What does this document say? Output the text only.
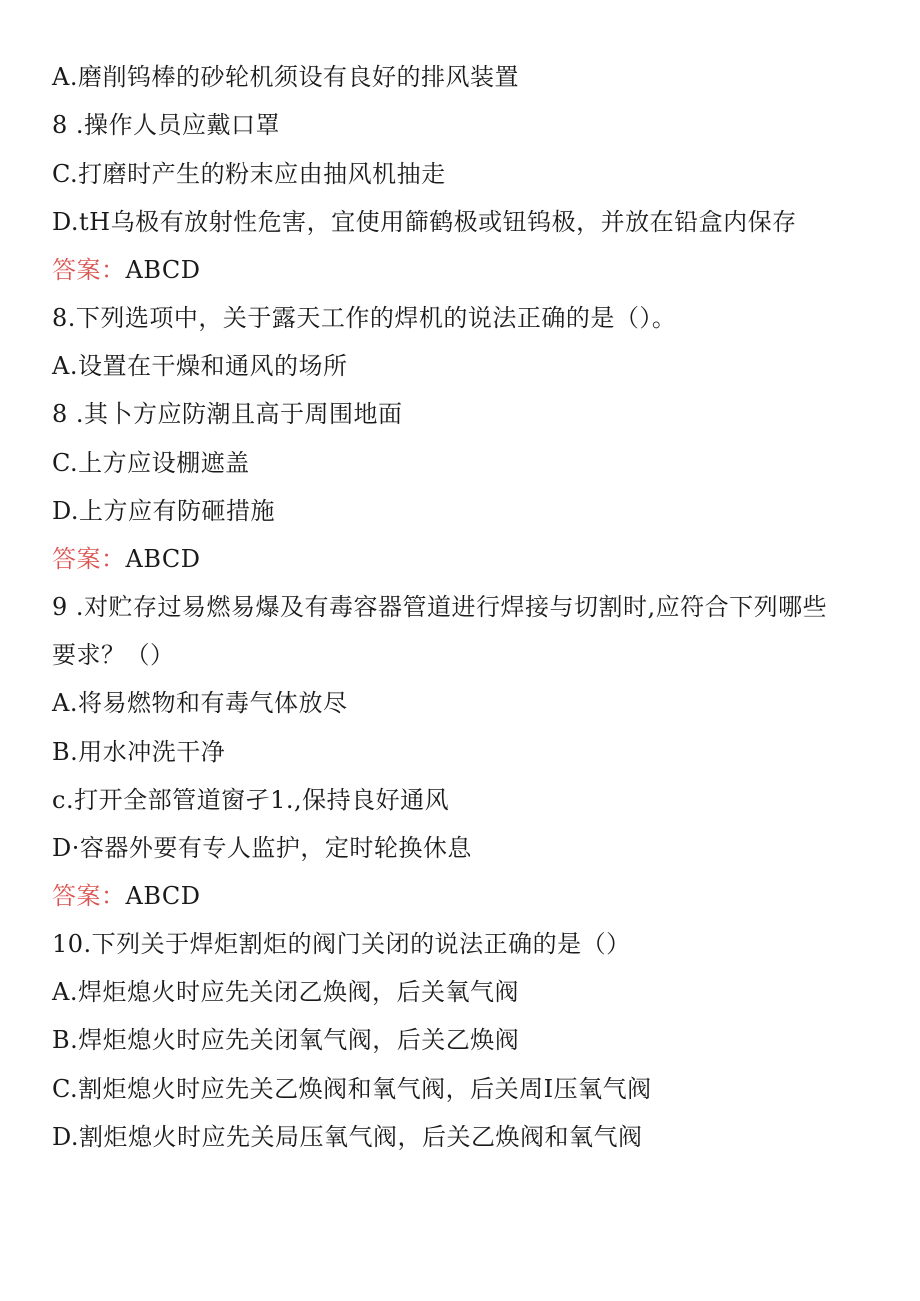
A.磨削钨棒的砂轮机须设有良好的排风装置
8 .操作人员应戴口罩
C.打磨时产生的粉末应由抽风机抽走
D.tH乌极有放射性危害，宜使用篩鹤极或钮钨极，并放在铅盒内保存
答案：ABCD
8.下列选项中，关于露天工作的焊机的说法正确的是（）。
A.设置在干燥和通风的场所
8 .其卜方应防潮且高于周围地面
C.上方应设棚遮盖
D.上方应有防砸措施
答案：ABCD
9 .对贮存过易燃易爆及有毒容器管道进行焊接与切割时,应符合下列哪些
要求？（）
A.将易燃物和有毒气体放尽
B.用水冲洗干净
c.打开全部管道窗孑1.,保持良好通风
D·容器外要有专人监护，定时轮换休息
答案：ABCD
10.下列关于焊炬割炬的阀门关闭的说法正确的是（）
A.焊炬熄火时应先关闭乙焕阀，后关氧气阀
B.焊炬熄火时应先关闭氧气阀，后关乙焕阀
C.割炬熄火时应先关乙焕阀和氧气阀，后关周I压氧气阀
D.割炬熄火时应先关局压氧气阀，后关乙焕阀和氧气阀
